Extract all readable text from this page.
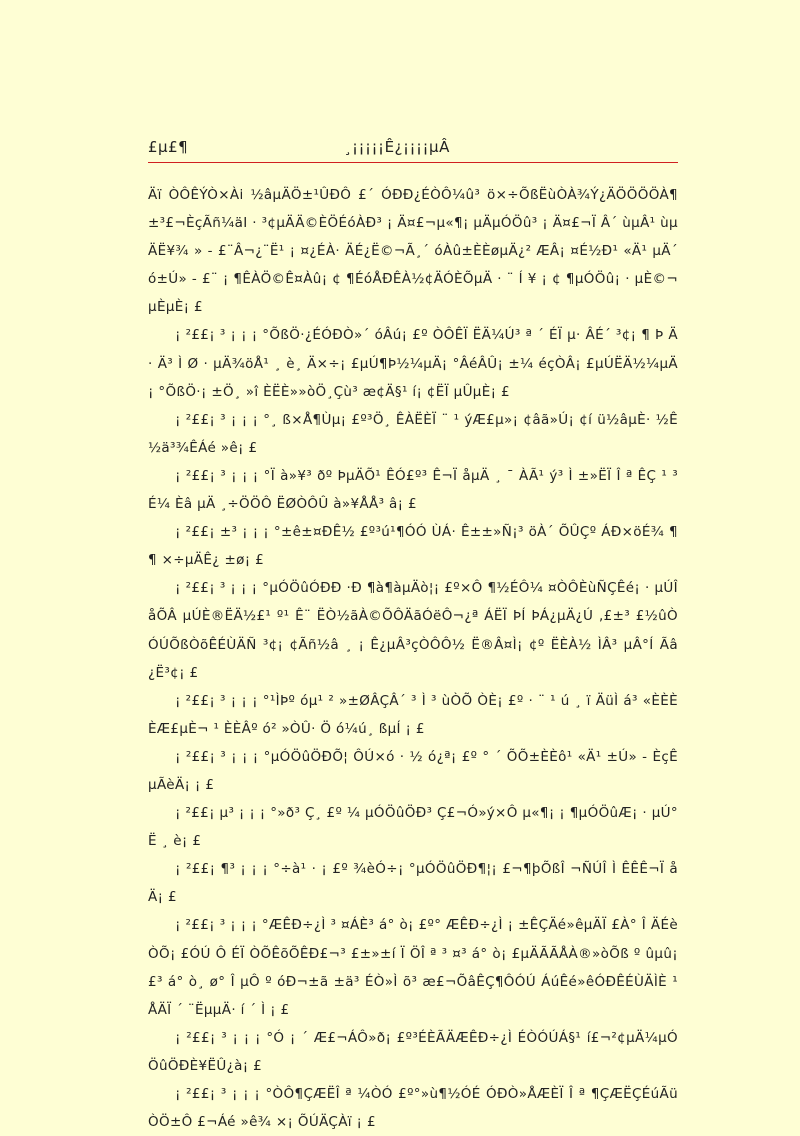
£µ£¶	¸¡¡¡¡¡Ê¿¡¡¡¡µÂ

Äï ÒÔÊÝÒ×Ài ½âµÄÖ±¹ÛÐÔ £´ ÓÐÐ¿ÉÒÔ¼û³ ö×÷ÕßËùÒÀ¾Ý¿ÄÖÖÖÖÀ¶±³£¬ÈçÃñ¼äI · ³¢µÄÄ©ÈÖÉóÀÐ³ ¡ Ä¤£¬µ«¶¡ µÄµÓÖû³ ¡ Ä¤£¬Ï Â´ ùµÂ¹ ùµÄË¥¾ » - £¨Â¬¿¨Ë¹ ¡ ¤¿ÉÀ· ÄÉ¿Ë©¬Ã¸´ óÀû±ÈÈøµÄ¿² ÆÂ¡ ¤É½Ð¹ «Ä¹ µÄ´ ó±Ú» - £¨ ¡ ¶ÊÀÖ©Ê¤Àû¡ ¢ ¶ÉóÅÐÊÀ½¢ÄÓÈÕµÄ · ¨ Í ¥ ¡ ¢ ¶µÓÖû¡ · µÈ©¬µÈµÈ¡ £

¡ ²££¡ ³ ¡ ¡ ¡ °ÕßÖ·¿ÉÓÐÒ»´ óÂú¡ £º ÒÔÊÏ ËÄ¼Ú³ ª ´ ÉÏ µ· ÂÉ´ ³¢¡ ¶ Þ Ä· Ä³ Ì Ø · µÄ¾öÅ¹ ¸ è¸ Ä×÷¡ £µÚ¶Þ½¼µÄ¡ °ÂéÂÛ¡ ±¼ éçÒÂ¡ £µÚËÄ½¼µÄ¡ °ÕßÖ·¡ ±Ö¸ »î ÈËÈ»»òÖ¸Çù³ æ¢Ä§¹ í¡ ¢ËÏ µÛµÈ¡ £

¡ ²££¡ ³ ¡ ¡ ¡ °¸ ß×Å¶Ùµ¡ £º³Ö¸ ÊÀËÈÏ ¨ ¹ ýÆ£µ»¡ ¢âã»Ú¡ ¢í ü½âµÈ· ½Ê½ä³¾ÊÁé »ê¡ £

¡ ²££¡ ³ ¡ ¡ ¡ °Ï à»¥³ ðº ÞµÄÕ¹ ÊÓ£º³ Ê¬Ï åµÄ ¸ ¯ ÀÃ¹ ý³ Ì ±»ËÏ Î ª ÊÇ ¹ ³ É¼ Èâ µÄ ¸÷ÖÖÔ ËØÒÔÛ à»¥ÅÅ³ â¡ £

¡ ²££¡ ±³ ¡ ¡ ¡ °±ê±¤ÐÊ½ £º³ú¹¶ÓÓ ÙÁ· Ê±±»Ñ¡³ öÀ´ ÕÛÇº ÁÐ×öÉ¾ ¶¶ ×÷µÄÊ¿ ±ø¡ £

¡ ²££¡ ³ ¡ ¡ ¡ °µÓÖûÓÐÐ ·Ð ¶à¶àµÄò¦¡ £º×Ô ¶½ÉÔ¼ ¤ÒÔÈùÑÇÊé¡ · µÚÎ åÕÂ µÚÈ®ËÄ½£¹ º¹ Ê¨ ËÒ½ãÀ©ÕÔÄãÓëÔ¬¿ª ÁËÏ ÞÍ ÞÁ¿µÄ¿Ú ,£±³ £½ûÒÓÚÕßÒõÊÉÙÄÑ ³¢¡ ¢Ãñ½â ¸ ¡ Ê¿µÂ³çÒÔÔ½ Ë®Â¤Ì¡ ¢º ËÈÀ½ ÌÂ³ µÂ°Í Ãâ ¿Ë³¢¡ £

¡ ²££¡ ³ ¡ ¡ ¡ °¹ÌÞº óµ¹ ² »±ØÂÇÂ´ ³ Ì ³ ùÒÕ ÒÈ¡ £º · ¨ ¹ ú ¸ ï ÄüÌ á³ «ÈÈÈÈÆ£µÈ¬ ¹ ÈÈÂº ó² »ÒÛ· Ö ó¼ú¸ ßµÍ ¡ £

¡ ²££¡ ³ ¡ ¡ ¡ °µÓÖûÖÐÕ¦ ÔÚ×ó · ½ ó¿ª¡ £º ° ´ ÕÕ±ÈÈô¹ «Ä¹ ±Ú» - ÈçÊµÃèÄ¡ ¡ £

¡ ²££¡ µ³ ¡ ¡ ¡ °»ð³ Ç¸ £º ¼ µÓÖûÖÐ³ Ç£¬Ó»ý×Ô µ«¶¡ ¡ ¶µÓÖûÆ¡ · µÚ° Ë ¸ è¡ £

¡ ²££¡ ¶³ ¡ ¡ ¡ °÷à¹ · ¡ £º ¾èÓ÷¡ °µÓÖûÖÐ¶¦¡ £¬¶þÕßÎ ¬ÑÚÎ Ì ÊÊÊ¬Ï åÄ¡ £

¡ ²££¡ ³ ¡ ¡ ¡ °ÆÊÐ÷¿Ì ³ ¤ÁÈ³ á° ò¡ £º° ÆÊÐ÷¿Ì ¡ ±ÊÇÄé»êµÄÏ £À° Î ÄÉèÒÕ¡ £ÓÚ Ô ÉÏ ÒÕÊõÕÊÐ£¬³ £±»±í Ï ÖÎ ª ³ ¤³ á° ò¡ £µÄÃÃÅÀ®»òÕß º ûµû¡ £³ á° ò¸ ø° Î µÔ º óÐ¬±ã ±ä³ ÉÒ»Ì õ³ æ£¬ÕâÊÇ¶ÔÓÚ ÁúÊé»êÓÐÊÉÙÄÌÈ ¹ ÅÄÏ ´ ¨ËµµÄ· í ´ Ì ¡ £

¡ ²££¡ ³ ¡ ¡ ¡ °Ó ¡ ´ Æ£¬ÁÔ»ð¡ £º³ÉÈÃÄÆÊÐ÷¿Ì ÉÒÓÚÁ§¹ í£¬²¢µÄ¼µÓÖûÖÐÈ¥ËÛ¿à¡ £

¡ ²££¡ ³ ¡ ¡ ¡ °ÒÔ¶ÇÆËÎ ª ¼ÒÓ £º°»ù¶½ÓÉ ÓÐÒ»ÅÆÈÏ Î ª ¶ÇÆËÇÉúÃüÒÖ±Ô £¬Áé »ê¾ ×¡ ÕÚÄÇÀï ¡ £
